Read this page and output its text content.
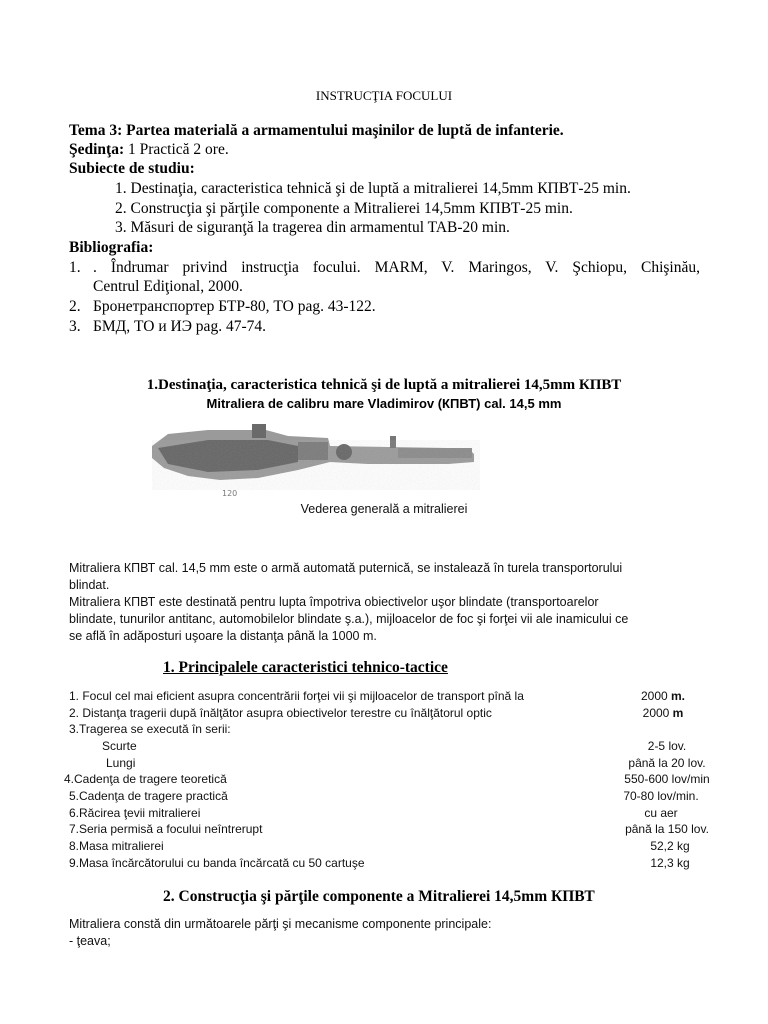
INSTRUCŢIA FOCULUI
Tema 3: Partea materială a armamentului maşinilor de luptă de infanterie.
Şedinţa: 1 Practică 2 ore.
Subiecte de studiu:
1. Destinaţia, caracteristica tehnică şi de luptă a mitralierei 14,5mm КПВТ-25 min.
2. Construcţia şi părţile componente a Mitralierei 14,5mm КПВТ-25 min.
3. Măsuri de siguranţă la tragerea din armamentul TAB-20 min.
Bibliografia:
1. . Îndrumar privind instrucţia focului. MARM, V. Maringos, V. Şchiopu, Chişinău,
Centrul Ediţional, 2000.
2. Бронетранспортер БТР-80, ТО pag. 43-122.
3. БМД, ТО и ИЭ pag. 47-74.
1.Destinaţia, caracteristica tehnică şi de luptă a mitralierei 14,5mm КПВТ
Mitraliera de calibru mare Vladimirov (КПВТ) cal. 14,5 mm
120
Vederea generală a mitralierei
Mitraliera КПВТ cal. 14,5 mm este o armă automată puternică, se instalează în turela transportorului
blindat.
Mitraliera КПВТ este destinată pentru lupta împotriva obiectivelor uşor blindate (transportoarelor
blindate, tunurilor antitanc, automobilelor blindate ş.a.), mijloacelor de foc şi forţei vii ale inamicului ce
se află în adăposturi uşoare la distanţa până la 1000 m.
1. Principalele caracteristici tehnico-tactice
1. Focul cel mai eficient asupra concentrării forţei vii şi mijloacelor de transport pînă la	2000 m.
2. Distanţa tragerii după înălţător asupra obiectivelor terestre cu înălţătorul optic	2000 m
3.Tragerea se execută în serii:
Scurte	2-5 lov.
Lungi	până la 20 lov.
4.Cadenţa de tragere teoretică	550-600 lov/min
5.Cadenţa de tragere practică	70-80 lov/min.
6.Răcirea ţevii mitralierei	cu aer
7.Seria permisă a focului neîntrerupt	până la 150 lov.
8.Masa mitralierei	52,2 kg
9.Masa încărcătorului cu banda încărcată cu 50 cartuşe	12,3 kg
2. Construcţia şi părţile componente a Mitralierei 14,5mm КПВТ
Mitraliera constă din următoarele părţi şi mecanisme componente principale:
- ţeava;
